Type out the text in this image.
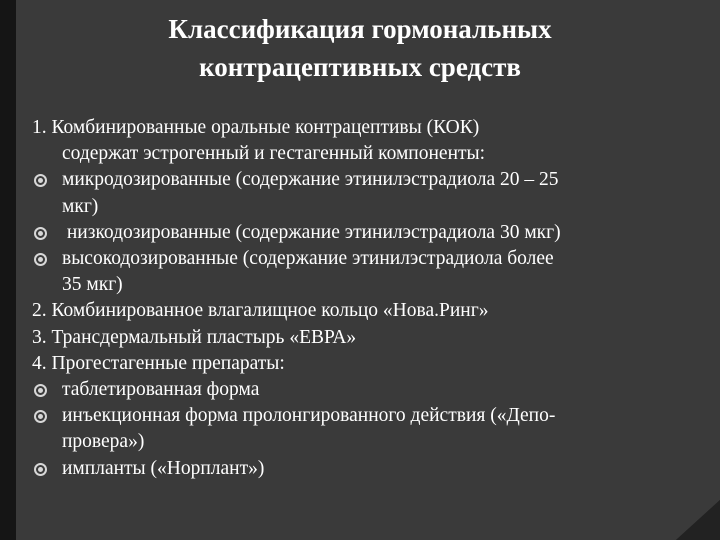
Классификация гормональных
контрацептивных средств
1. Комбинированные оральные контрацептивы (КОК)
содержат эстрогенный и гестагенный компоненты:
микродозированные (содержание этинилэстрадиола 20 – 25
мкг)
низкодозированные (содержание этинилэстрадиола 30 мкг)
высокодозированные (содержание этинилэстрадиола более
35 мкг)
2. Комбинированное влагалищное кольцо «Нова.Ринг»
3. Трансдермальный пластырь «ЕВРА»
4. Прогестагенные препараты:
таблетированная форма
инъекционная форма пролонгированного действия («Депо-
провера»)
импланты («Норплант»)
